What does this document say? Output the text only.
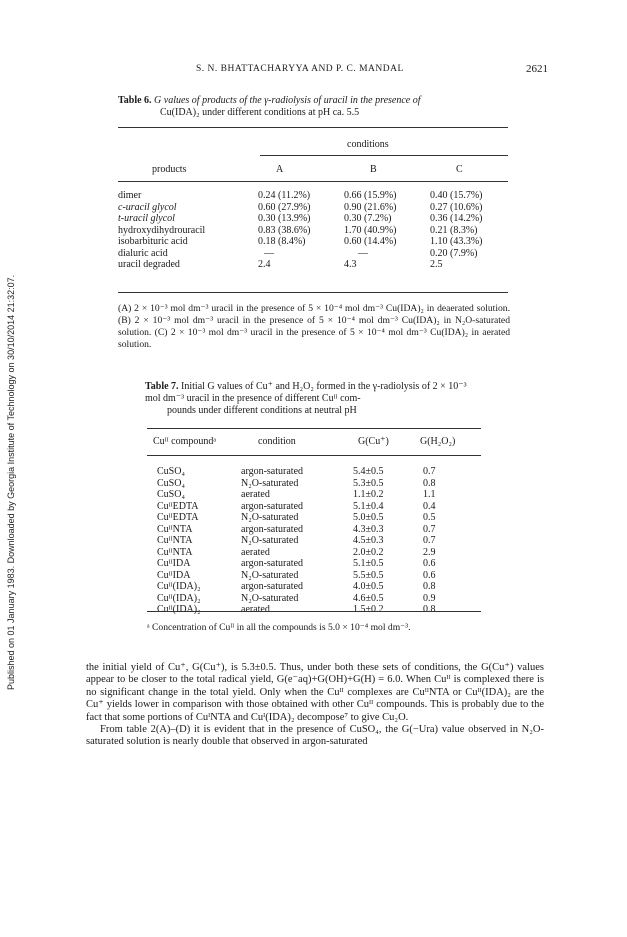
Published on 01 January 1983. Downloaded by Georgia Institute of Technology on 30/10/2014 21:32:07.
S. N. BHATTACHARYYA AND P. C. MANDAL	2621
Table 6. G values of products of the γ-radiolysis of uracil in the presence of
Cu(IDA)₂ under different conditions at pH ca. 5.5
conditions
products	A	B	C
dimer	0.24 (11.2%)	0.66 (15.9%)	0.40 (15.7%)
c-uracil glycol	0.60 (27.9%)	0.90 (21.6%)	0.27 (10.6%)
t-uracil glycol	0.30 (13.9%)	0.30 (7.2%)	0.36 (14.2%)
hydroxydihydrouracil	0.83 (38.6%)	1.70 (40.9%)	0.21 (8.3%)
isobarbituric acid	0.18 (8.4%)	0.60 (14.4%)	1.10 (43.3%)
dialuric acid	—	—	0.20 (7.9%)
uracil degraded	2.4	4.3	2.5
(A) 2 × 10⁻³ mol dm⁻³ uracil in the presence of 5 × 10⁻⁴ mol dm⁻³ Cu(IDA)₂ in deaerated solution. (B) 2 × 10⁻³ mol dm⁻³ uracil in the presence of 5 × 10⁻⁴ mol dm⁻³ Cu(IDA)₂ in N₂O-saturated solution. (C) 2 × 10⁻³ mol dm⁻³ uracil in the presence of 5 × 10⁻⁴ mol dm⁻³ Cu(IDA)₂ in aerated solution.
Table 7. Initial G values of Cu⁺ and H₂O₂ formed in the γ-radiolysis of 2 × 10⁻³ mol dm⁻³ uracil in the presence of different Cuᴵᴵ com-
pounds under different conditions at neutral pH
Cuᴵᴵ compoundᵃ	condition	G(Cu⁺)	G(H₂O₂)
CuSO₄	argon-saturated	5.4±0.5	0.7
CuSO₄	N₂O-saturated	5.3±0.5	0.8
CuSO₄	aerated	1.1±0.2	1.1
CuᴵᴵEDTA	argon-saturated	5.1±0.4	0.4
CuᴵᴵEDTA	N₂O-saturated	5.0±0.5	0.5
CuᴵᴵNTA	argon-saturated	4.3±0.3	0.7
CuᴵᴵNTA	N₂O-saturated	4.5±0.3	0.7
CuᴵᴵNTA	aerated	2.0±0.2	2.9
CuᴵᴵIDA	argon-saturated	5.1±0.5	0.6
CuᴵᴵIDA	N₂O-saturated	5.5±0.5	0.6
Cuᴵᴵ(IDA)₂	argon-saturated	4.0±0.5	0.8
Cuᴵᴵ(IDA)₂	N₂O-saturated	4.6±0.5	0.9
Cuᴵᴵ(IDA)₂	aerated	1.5±0.2	0.8
ᵃ Concentration of Cuᴵᴵ in all the compounds is 5.0 × 10⁻⁴ mol dm⁻³.

the initial yield of Cu⁺, G(Cu⁺), is 5.3±0.5. Thus, under both these sets of conditions, the G(Cu⁺) values appear to be closer to the total radical yield, G(e⁻aq)+G(OH)+G(H) = 6.0. When Cuᴵᴵ is complexed there is no significant change in the total yield. Only when the Cuᴵᴵ complexes are CuᴵᴵNTA or Cuᴵᴵ(IDA)₂ are the Cu⁺ yields lower in comparison with those obtained with other Cuᴵᴵ compounds. This is probably due to the fact that some portions of CuᴵNTA and Cuᴵ(IDA)₂ decompose⁷ to give Cu₂O.

From table 2(A)–(D) it is evident that in the presence of CuSO₄, the G(−Ura) value observed in N₂O-saturated solution is nearly double that observed in argon-saturated
